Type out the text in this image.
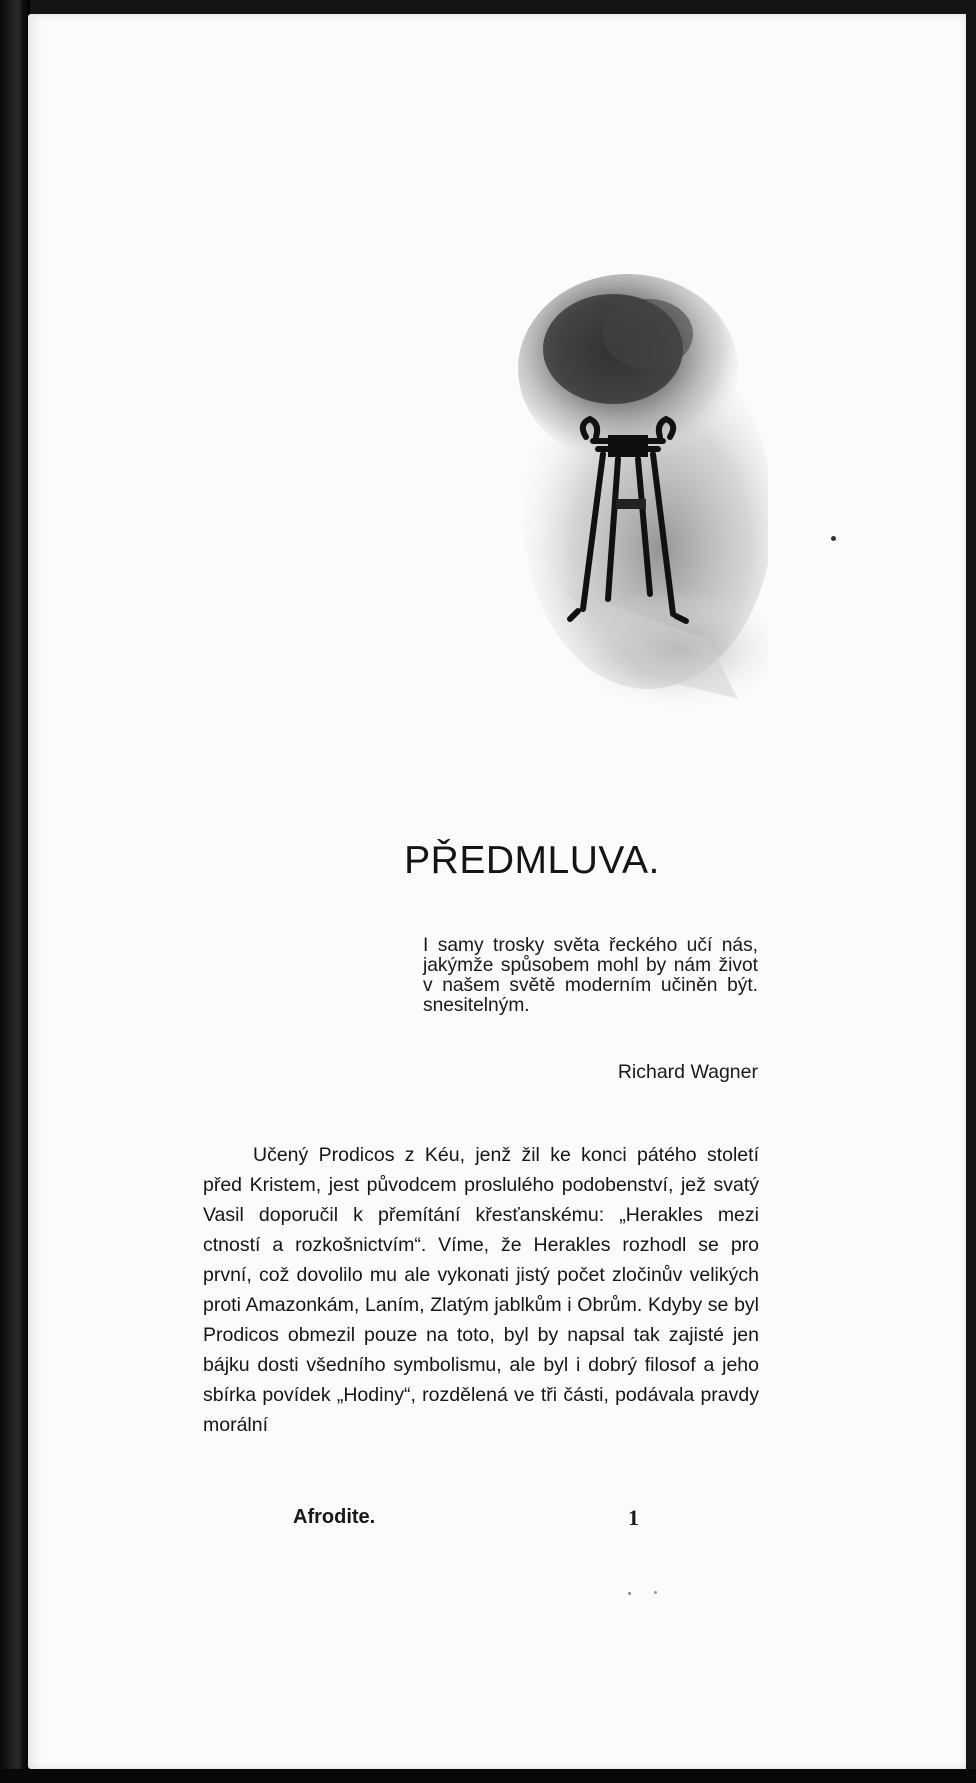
PŘEDMLUVA.
I samy trosky světa řeckého učí nás, jakýmže spůsobem mohl by nám život v našem světě moderním učiněn být. snesitelným.
Richard Wagner

Učený Prodicos z Kéu, jenž žil ke konci pátého století před Kristem, jest původcem proslulého podobenství, jež svatý Vasil doporučil k přemítání křesťanskému: „Herakles mezi ctností a rozkošnictvím“. Víme, že Herakles rozhodl se pro první, což dovolilo mu ale vykonati jistý počet zločinův velikých proti Amazonkám, Laním, Zlatým jablkům i Obrům. Kdyby se byl Prodicos obmezil pouze na toto, byl by napsal tak zajisté jen bájku dosti všedního symbolismu, ale byl i dobrý filosof a jeho sbírka povídek „Hodiny“, rozdělená ve tři části, podávala pravdy morální

Afrodite.	1
